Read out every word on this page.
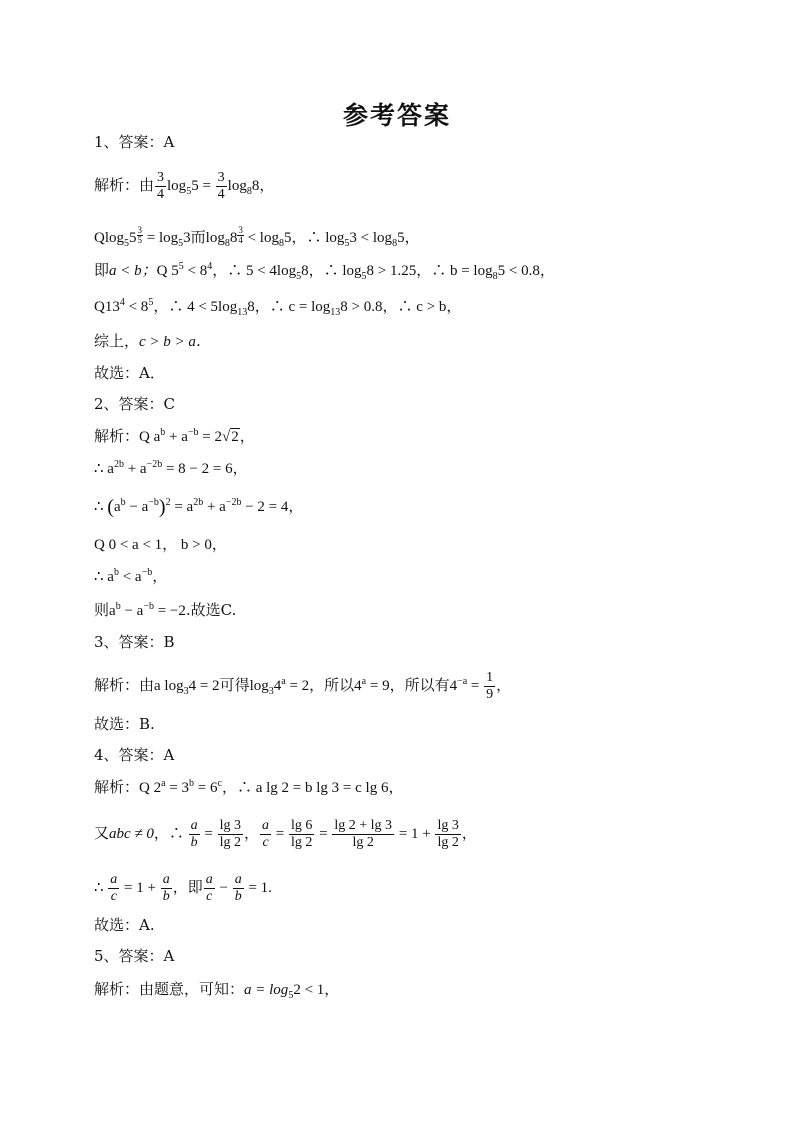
参考答案
1、答案：A
解析：由 $\frac{3}{4} \log_55 = \frac{3}{4} \log_88$，
$Qlog_55 \frac{3}{5} = \log_53$而$\log_88 \frac{3}{4} < \log_85$，∴ $\log_53 < \log_85$，
即a < b；Q $5^5 < 8^4$，∴ $5 < 4\log_58$，∴ $\log_58 > 1.25$，∴ $b = \log_85 < 0.8$，
$Q13^4 < 8^5$，∴ $4 < 5\log_{13}8$，∴ $c = \log_{13}8 > 0.8$，∴ c > b，
综上，c > b > a．
故选：A．
2、答案：C
解析：Q $a^b + a^{-b} = 2√2$，
∴ $a^{2b} + a^{-2b} = 8 - 2 = 6$，
∴ $(a^b - a^{-b})^2 = a^{2b} + a^{-2b} - 2 = 4$，
Q 0 < a < 1， b > 0，
∴ $a^b < a^{-b}$，
则$a^b - a^{-b} = -2$.故选C.
3、答案：B
解析：由a $\log_34 = 2$可得$\log_34^a = 2$，所以$4^a = 9$，所以有$4^{-a} = \frac{1}{9}$ ，
故选：B.
4、答案：A
解析：Q $2^a = 3^b = 6^c$，∴ a lg 2 = b lg 3 = c lg 6，
又abc ≠ 0，∴ $\frac{a}{b} = \frac{\lg 3}{\lg 2}$ ， $\frac{a}{c} = \frac{\lg 6}{\lg 2} = \frac{\lg 2 + \lg 3}{\lg 2} = 1 + \frac{\lg 3}{\lg 2}$ ，
∴ $\frac{a}{c} = 1 + \frac{a}{b}$ ，即 $\frac{a}{c} - \frac{a}{b} = 1$.
故选：A.
5、答案：A
解析：由题意，可知：$a = \log_52 < 1$，
